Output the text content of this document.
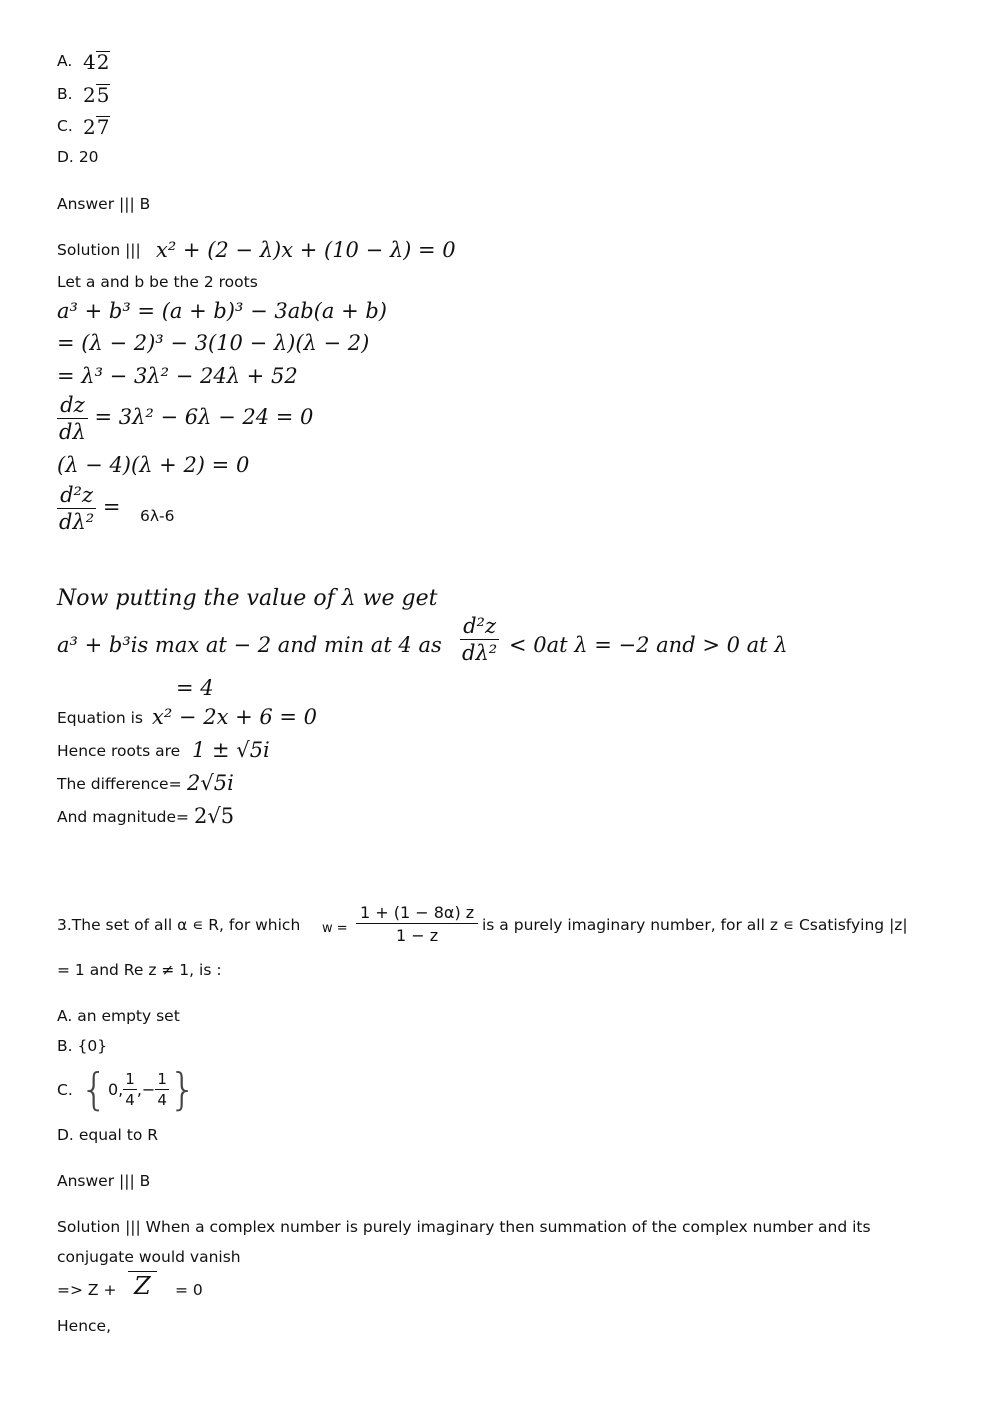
A. 42
B. 25
C. 27
D. 20
Answer ||| B
Solution ||| x² + (2 − λ)x + (10 − λ) = 0
Let a and b be the 2 roots
a³ + b³ = (a + b)³ − 3ab(a + b)
= (λ − 2)³ − 3(10 − λ)(λ − 2)
= λ³ − 3λ² − 24λ + 52
$\frac{dz}{d\lambda} = 3\lambda^2 - 6\lambda - 24 = 0$
(λ − 4)(λ + 2) = 0
$\frac{\text{d²z}}{\text{dλ²}} = 6\lambda-6$
Now putting the value of λ we get
a³ + b³is max at − 2 and min at 4 as $\frac{\text{d²z}}{\text{dλ²}} < 0at$ λ = −2 and > 0 at λ
= 4
Equation is x² − 2x + 6 = 0
Hence roots are 1 ± √5i
The difference= 2√5i
And magnitude= 2√5
3.The set of all α ∊ R, for which $w = \frac{1 + (1 - 8\alpha) z}{1 - z}$ is a purely imaginary number, for all z ∊ Csatisfying |z|
= 1 and Re z ≠ 1, is :
A. an empty set
B. {0}
C. {0, $\frac{1}{4}$ ,− $\frac{1}{4}$ }
D. equal to R
Answer ||| B
Solution ||| When a complex number is purely imaginary then summation of the complex number and its
conjugate would vanish
=> Z + Z	= 0
Hence,
